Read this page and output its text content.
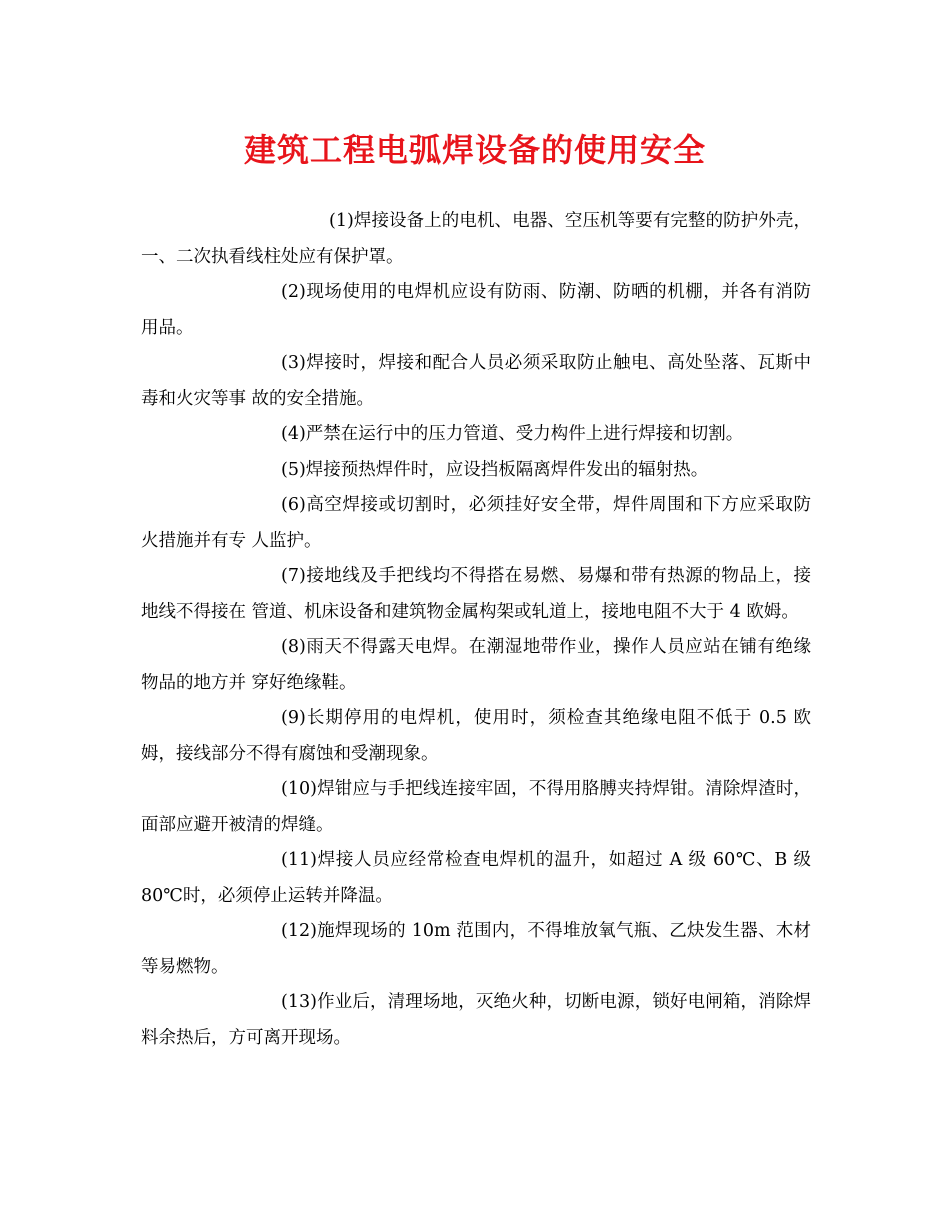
建筑工程电弧焊设备的使用安全

(1)焊接设备上的电机、电器、空压机等要有完整的防护外壳，一、二次执看线柱处应有保护罩。

(2)现场使用的电焊机应设有防雨、防潮、防晒的机棚，并各有消防用品。

(3)焊接时，焊接和配合人员必须采取防止触电、高处坠落、瓦斯中毒和火灾等事 故的安全措施。

(4)严禁在运行中的压力管道、受力构件上进行焊接和切割。

(5)焊接预热焊件时，应设挡板隔离焊件发出的辐射热。

(6)高空焊接或切割时，必须挂好安全带，焊件周围和下方应采取防火措施并有专 人监护。

(7)接地线及手把线均不得搭在易燃、易爆和带有热源的物品上，接地线不得接在 管道、机床设备和建筑物金属构架或轧道上，接地电阻不大于 4 欧姆。

(8)雨天不得露天电焊。在潮湿地带作业，操作人员应站在铺有绝缘物品的地方并 穿好绝缘鞋。

(9)长期停用的电焊机，使用时，须检查其绝缘电阻不低于 0.5 欧姆，接线部分不得有腐蚀和受潮现象。

(10)焊钳应与手把线连接牢固，不得用胳膊夹持焊钳。清除焊渣时，面部应避开被清的焊缝。

(11)焊接人员应经常检查电焊机的温升，如超过 A 级 60℃、B 级 80℃时，必须停止运转并降温。

(12)施焊现场的 10m 范围内，不得堆放氧气瓶、乙炔发生器、木材等易燃物。

(13)作业后，清理场地，灭绝火种，切断电源，锁好电闸箱，消除焊料余热后，方可离开现场。
